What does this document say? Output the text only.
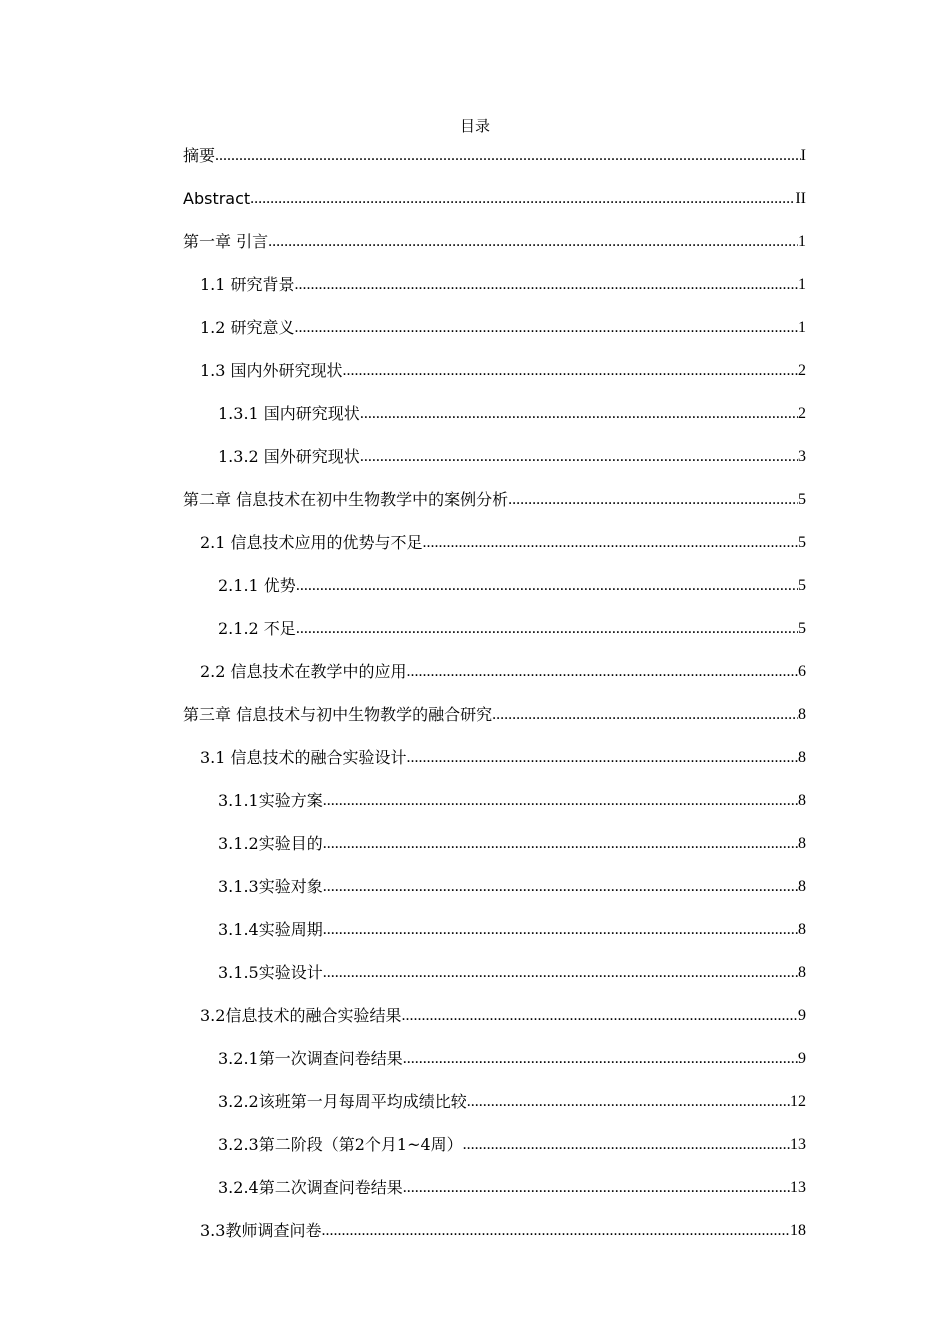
目录
摘要 .....	I
Abstract .....	II
第一章 引言 .....	1
1.1 研究背景 .....	1
1.2 研究意义 .....	1
1.3 国内外研究现状 .....	2
1.3.1 国内研究现状 .....	2
1.3.2 国外研究现状 .....	3
第二章 信息技术在初中生物教学中的案例分析 .....	5
2.1 信息技术应用的优势与不足 .....	5
2.1.1 优势 .....	5
2.1.2 不足 .....	5
2.2 信息技术在教学中的应用 .....	6
第三章 信息技术与初中生物教学的融合研究 .....	8
3.1 信息技术的融合实验设计 .....	8
3.1.1实验方案 .....	8
3.1.2实验目的 .....	8
3.1.3实验对象 .....	8
3.1.4实验周期 .....	8
3.1.5实验设计 .....	8
3.2信息技术的融合实验结果 .....	9
3.2.1第一次调查问卷结果 .....	9
3.2.2该班第一月每周平均成绩比较 .....	12
3.2.3第二阶段（第2个月1~4周） .....	13
3.2.4第二次调查问卷结果 .....	13
3.3教师调查问卷 .....	18
